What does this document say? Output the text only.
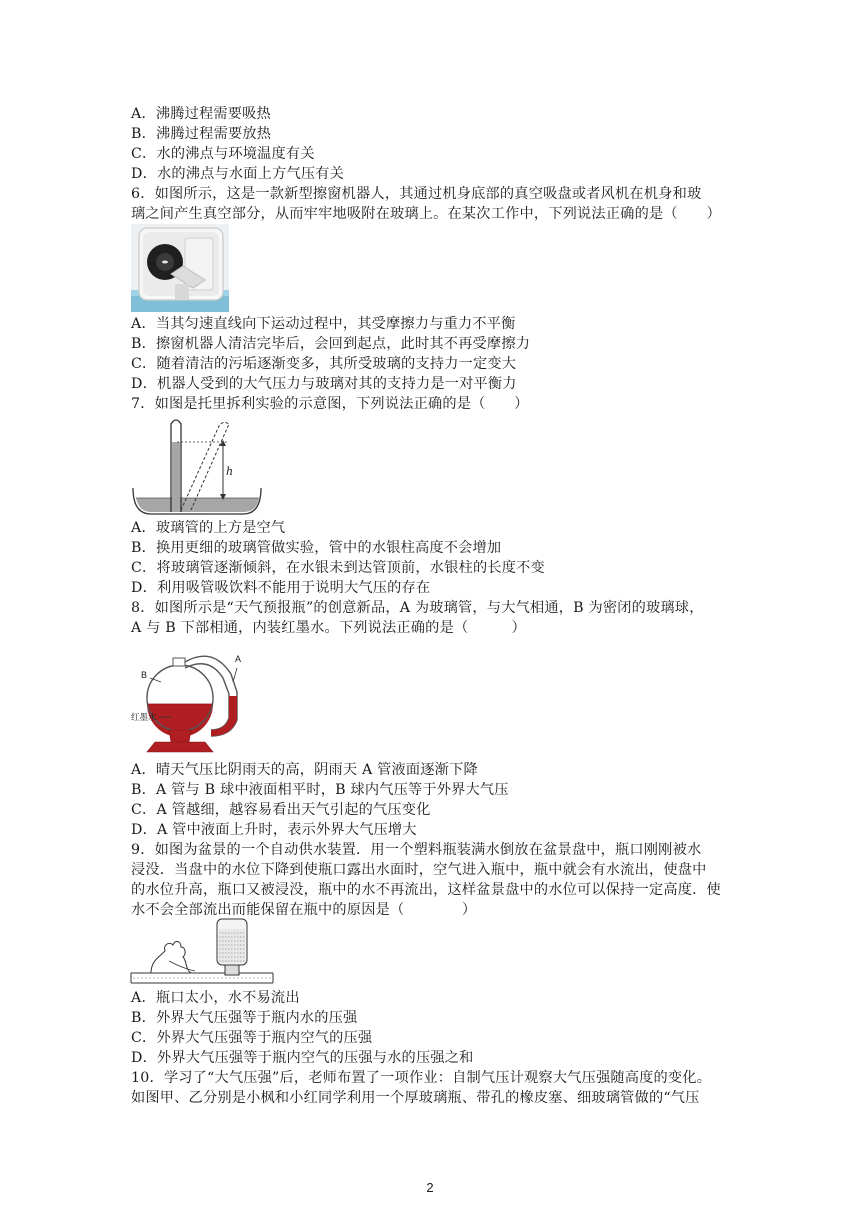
A．沸腾过程需要吸热
B．沸腾过程需要放热
C．水的沸点与环境温度有关
D．水的沸点与水面上方气压有关
6．如图所示，这是一款新型擦窗机器人，其通过机身底部的真空吸盘或者风机在机身和玻
璃之间产生真空部分，从而牢牢地吸附在玻璃上。在某次工作中，下列说法正确的是（　　）
A．当其匀速直线向下运动过程中，其受摩擦力与重力不平衡
B．擦窗机器人清洁完毕后，会回到起点，此时其不再受摩擦力
C．随着清洁的污垢逐渐变多，其所受玻璃的支持力一定变大
D．机器人受到的大气压力与玻璃对其的支持力是一对平衡力
7．如图是托里拆利实验的示意图，下列说法正确的是（　　）
h
A．玻璃管的上方是空气
B．换用更细的玻璃管做实验，管中的水银柱高度不会增加
C．将玻璃管逐渐倾斜，在水银未到达管顶前，水银柱的长度不变
D．利用吸管吸饮料不能用于说明大气压的存在
8．如图所示是“天气预报瓶”的创意新品，A 为玻璃管，与大气相通，B 为密闭的玻璃球，
A 与 B 下部相通，内装红墨水。下列说法正确的是（　　　）
A
B
红墨水
A．晴天气压比阴雨天的高，阴雨天 A 管液面逐渐下降
B．A 管与 B 球中液面相平时，B 球内气压等于外界大气压
C．A 管越细，越容易看出天气引起的气压变化
D．A 管中液面上升时，表示外界大气压增大
9．如图为盆景的一个自动供水装置．用一个塑料瓶装满水倒放在盆景盘中，瓶口刚刚被水
浸没．当盘中的水位下降到使瓶口露出水面时，空气进入瓶中，瓶中就会有水流出，使盘中
的水位升高，瓶口又被浸没，瓶中的水不再流出，这样盆景盘中的水位可以保持一定高度．使
水不会全部流出而能保留在瓶中的原因是（　　　　）
A．瓶口太小，水不易流出
B．外界大气压强等于瓶内水的压强
C．外界大气压强等于瓶内空气的压强
D．外界大气压强等于瓶内空气的压强与水的压强之和
10．学习了“大气压强”后，老师布置了一项作业：自制气压计观察大气压强随高度的变化。
如图甲、乙分别是小枫和小红同学利用一个厚玻璃瓶、带孔的橡皮塞、细玻璃管做的“气压
2
